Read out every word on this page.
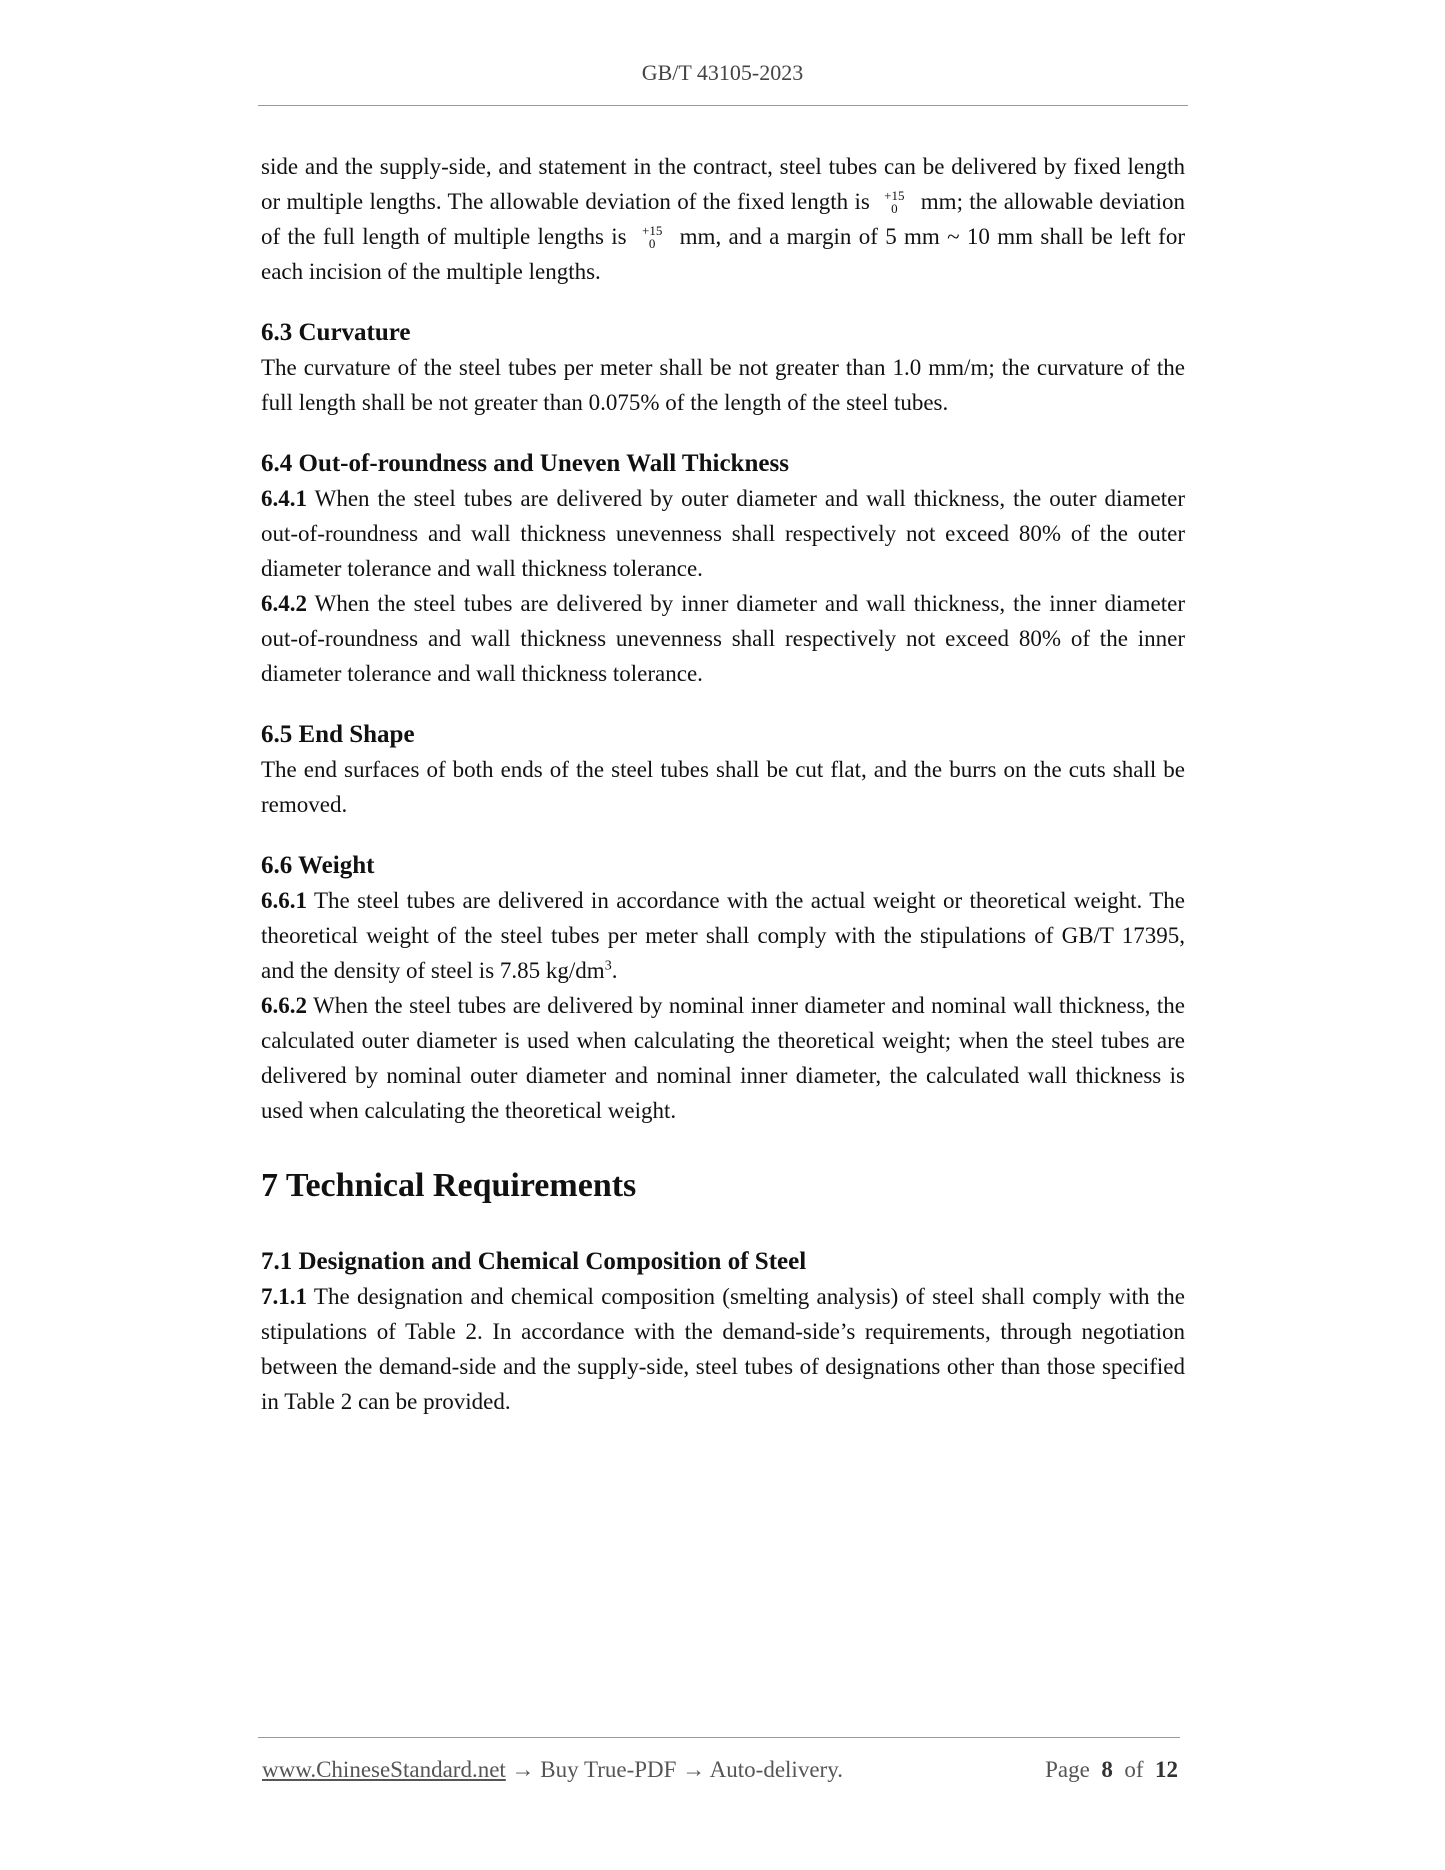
GB/T 43105-2023

side and the supply-side, and statement in the contract, steel tubes can be delivered by fixed length or multiple lengths. The allowable deviation of the fixed length is +15
0	mm; the allowable deviation of the full length of multiple lengths is +15
0	mm, and a margin of 5 mm ~ 10 mm shall be left for each incision of the multiple lengths.

6.3 Curvature

The curvature of the steel tubes per meter shall be not greater than 1.0 mm/m; the curvature of the full length shall be not greater than 0.075% of the length of the steel tubes.

6.4 Out-of-roundness and Uneven Wall Thickness

6.4.1 When the steel tubes are delivered by outer diameter and wall thickness, the outer diameter out-of-roundness and wall thickness unevenness shall respectively not exceed 80% of the outer diameter tolerance and wall thickness tolerance.

6.4.2 When the steel tubes are delivered by inner diameter and wall thickness, the inner diameter out-of-roundness and wall thickness unevenness shall respectively not exceed 80% of the inner diameter tolerance and wall thickness tolerance.

6.5 End Shape

The end surfaces of both ends of the steel tubes shall be cut flat, and the burrs on the cuts shall be removed.

6.6 Weight

6.6.1 The steel tubes are delivered in accordance with the actual weight or theoretical weight. The theoretical weight of the steel tubes per meter shall comply with the stipulations of GB/T 17395, and the density of steel is 7.85 $kg/dm^3$.

6.6.2 When the steel tubes are delivered by nominal inner diameter and nominal wall thickness, the calculated outer diameter is used when calculating the theoretical weight; when the steel tubes are delivered by nominal outer diameter and nominal inner diameter, the calculated wall thickness is used when calculating the theoretical weight.

7 Technical Requirements
7.1 Designation and Chemical Composition of Steel

7.1.1 The designation and chemical composition (smelting analysis) of steel shall comply with the stipulations of Table 2. In accordance with the demand-side’s requirements, through negotiation between the demand-side and the supply-side, steel tubes of designations other than those specified in Table 2 can be provided.

www.ChineseStandard.net → Buy True-PDF → Auto-delivery.	Page 8 of 12
